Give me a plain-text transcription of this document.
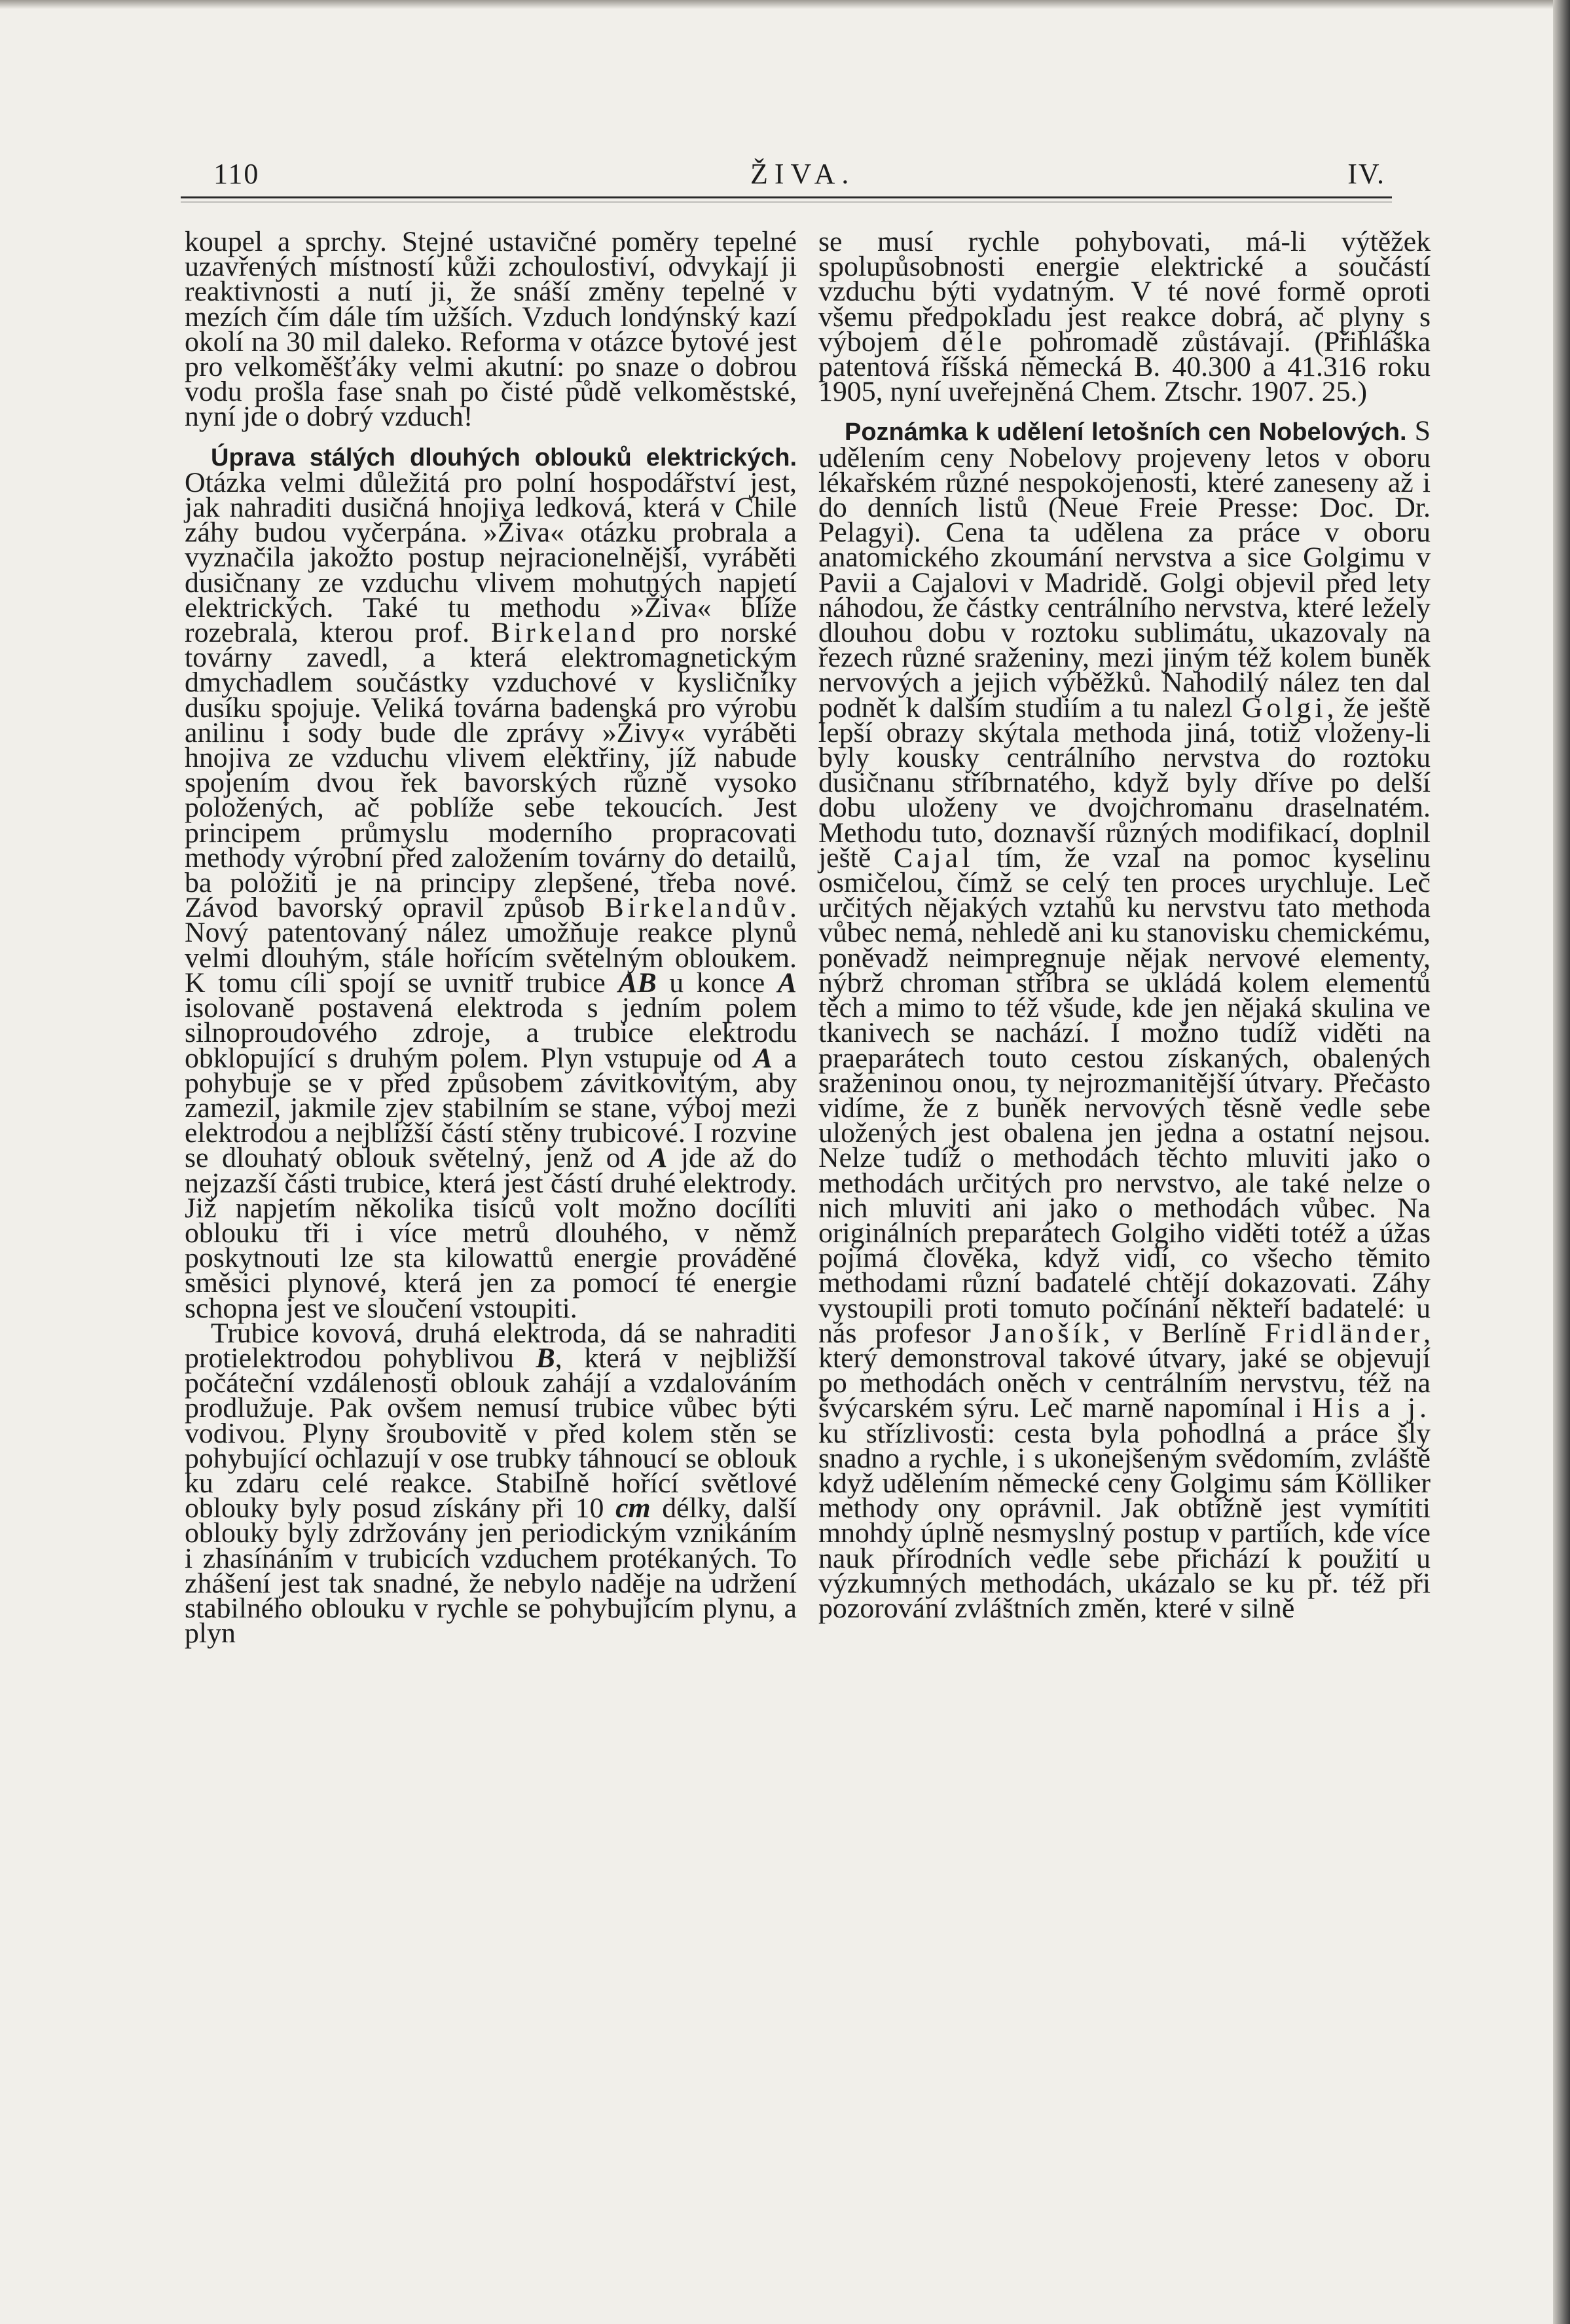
110	ŽIVA.	IV.

koupel a sprchy. Stejné ustavičné poměry tepelné uzavřených místností kůži zchoulostiví, odvykají ji reaktivnosti a nutí ji, že snáší změny tepelné v mezích čím dále tím užších. Vzduch londýnský kazí okolí na 30 mil daleko. Reforma v otázce bytové jest pro velkoměšťáky velmi akutní: po snaze o dobrou vodu prošla fase snah po čisté půdě velkoměstské, nyní jde o dobrý vzduch!

Úprava stálých dlouhých oblouků elektrických. Otázka velmi důležitá pro polní hospodářství jest, jak nahraditi dusičná hnojiva ledková, která v Chile záhy budou vyčerpána. »Živa« otázku probrala a vyznačila jakožto postup nejracionelnější, vyráběti dusičnany ze vzduchu vlivem mohutných napjetí elektrických. Také tu methodu »Živa« blíže rozebrala, kterou prof. Birkeland pro norské továrny zavedl, a která elektromagnetickým dmychadlem součástky vzduchové v kysličníky dusíku spojuje. Veliká továrna badenská pro výrobu anilinu i sody bude dle zprávy »Živy« vyráběti hnojiva ze vzduchu vlivem elektřiny, jíž nabude spojením dvou řek bavorských různě vysoko položených, ač poblíže sebe tekoucích. Jest principem průmyslu moderního propracovati methody výrobní před založením továrny do detailů, ba položiti je na principy zlepšené, třeba nové. Závod bavorský opravil způsob Birkelandův. Nový patentovaný nález umožňuje reakce plynů velmi dlouhým, stále hořícím světelným obloukem. K tomu cíli spojí se uvnitř trubice AB u konce A isolovaně postavená elektroda s jedním polem silnoproudového zdroje, a trubice elektrodu obklopující s druhým polem. Plyn vstupuje od A a pohybuje se v před způsobem závitkovitým, aby zamezil, jakmile zjev stabilním se stane, výboj mezi elektrodou a nejbližší částí stěny trubicové. I rozvine se dlouhatý oblouk světelný, jenž od A jde až do nejzazší části trubice, která jest částí druhé elektrody. Již napjetím několika tisíců volt možno docíliti oblouku tři i více metrů dlouhého, v němž poskytnouti lze sta kilowattů energie prováděné směsici plynové, která jen za pomocí té energie schopna jest ve sloučení vstoupiti.

Trubice kovová, druhá elektroda, dá se nahraditi protielektrodou pohyblivou B, která v nejbližší počáteční vzdálenosti oblouk zahájí a vzdalováním prodlužuje. Pak ovšem nemusí trubice vůbec býti vodivou. Plyny šroubovitě v před kolem stěn se pohybující ochlazují v ose trubky táhnoucí se oblouk ku zdaru celé reakce. Stabilně hořící světlové oblouky byly posud získány při 10 cm délky, další oblouky byly zdržovány jen periodickým vznikáním i zhasínáním v trubicích vzduchem protékaných. To zhášení jest tak snadné, že nebylo naděje na udržení stabilného oblouku v rychle se pohybujícím plynu, a plyn

se musí rychle pohybovati, má-li výtěžek spolupůsobnosti energie elektrické a součástí vzduchu býti vydatným. V té nové formě oproti všemu předpokladu jest reakce dobrá, ač plyny s výbojem déle pohromadě zůstávají. (Přihláška patentová říšská německá B. 40.300 a 41.316 roku 1905, nyní uveřejněná Chem. Ztschr. 1907. 25.)

Poznámka k udělení letošních cen Nobelových. S udělením ceny Nobelovy projeveny letos v oboru lékařském různé nespokojenosti, které zaneseny až i do denních listů (Neue Freie Presse: Doc. Dr. Pelagyi). Cena ta udělena za práce v oboru anatomického zkoumání nervstva a sice Golgimu v Pavii a Cajalovi v Madridě. Golgi objevil před lety náhodou, že částky centrálního nervstva, které ležely dlouhou dobu v roztoku sublimátu, ukazovaly na řezech různé sraženiny, mezi jiným též kolem buněk nervových a jejich výběžků. Nahodilý nález ten dal podnět k dalším studiím a tu nalezl Golgi, že ještě lepší obrazy skýtala methoda jiná, totiž vloženy-li byly kousky centrálního nervstva do roztoku dusičnanu stříbrnatého, když byly dříve po delší dobu uloženy ve dvojchromanu draselnatém. Methodu tuto, doznavší různých modifikací, doplnil ještě Cajal tím, že vzal na pomoc kyselinu osmičelou, čímž se celý ten proces urychluje. Leč určitých nějakých vztahů ku nervstvu tato methoda vůbec nemá, nehledě ani ku stanovisku chemickému, poněvadž neimpregnuje nějak nervové elementy, nýbrž chroman stříbra se ukládá kolem elementů těch a mimo to též všude, kde jen nějaká skulina ve tkanivech se nachází. I možno tudíž viděti na praeparátech touto cestou získaných, obalených sraženinou onou, ty nejrozmanitější útvary. Přečasto vidíme, že z buněk nervových těsně vedle sebe uložených jest obalena jen jedna a ostatní nejsou. Nelze tudíž o methodách těchto mluviti jako o methodách určitých pro nervstvo, ale také nelze o nich mluviti ani jako o methodách vůbec. Na originálních preparátech Golgiho viděti totéž a úžas pojímá člověka, když vidí, co všecho těmito methodami různí badatelé chtějí dokazovati. Záhy vystoupili proti tomuto počínání někteří badatelé: u nás profesor Janošík, v Berlíně Fridländer, který demonstroval takové útvary, jaké se objevují po methodách oněch v centrálním nervstvu, též na švýcarském sýru. Leč marně napomínal i His a j. ku střízlivosti: cesta byla pohodlná a práce šly snadno a rychle, i s ukonejšeným svědomím, zvláště když udělením německé ceny Golgimu sám Kölliker methody ony oprávnil. Jak obtížně jest vymítiti mnohdy úplně nesmyslný postup v partiích, kde více nauk přírodních vedle sebe přichází k použití u výzkumných methodách, ukázalo se ku př. též při pozorování zvláštních změn, které v silně
